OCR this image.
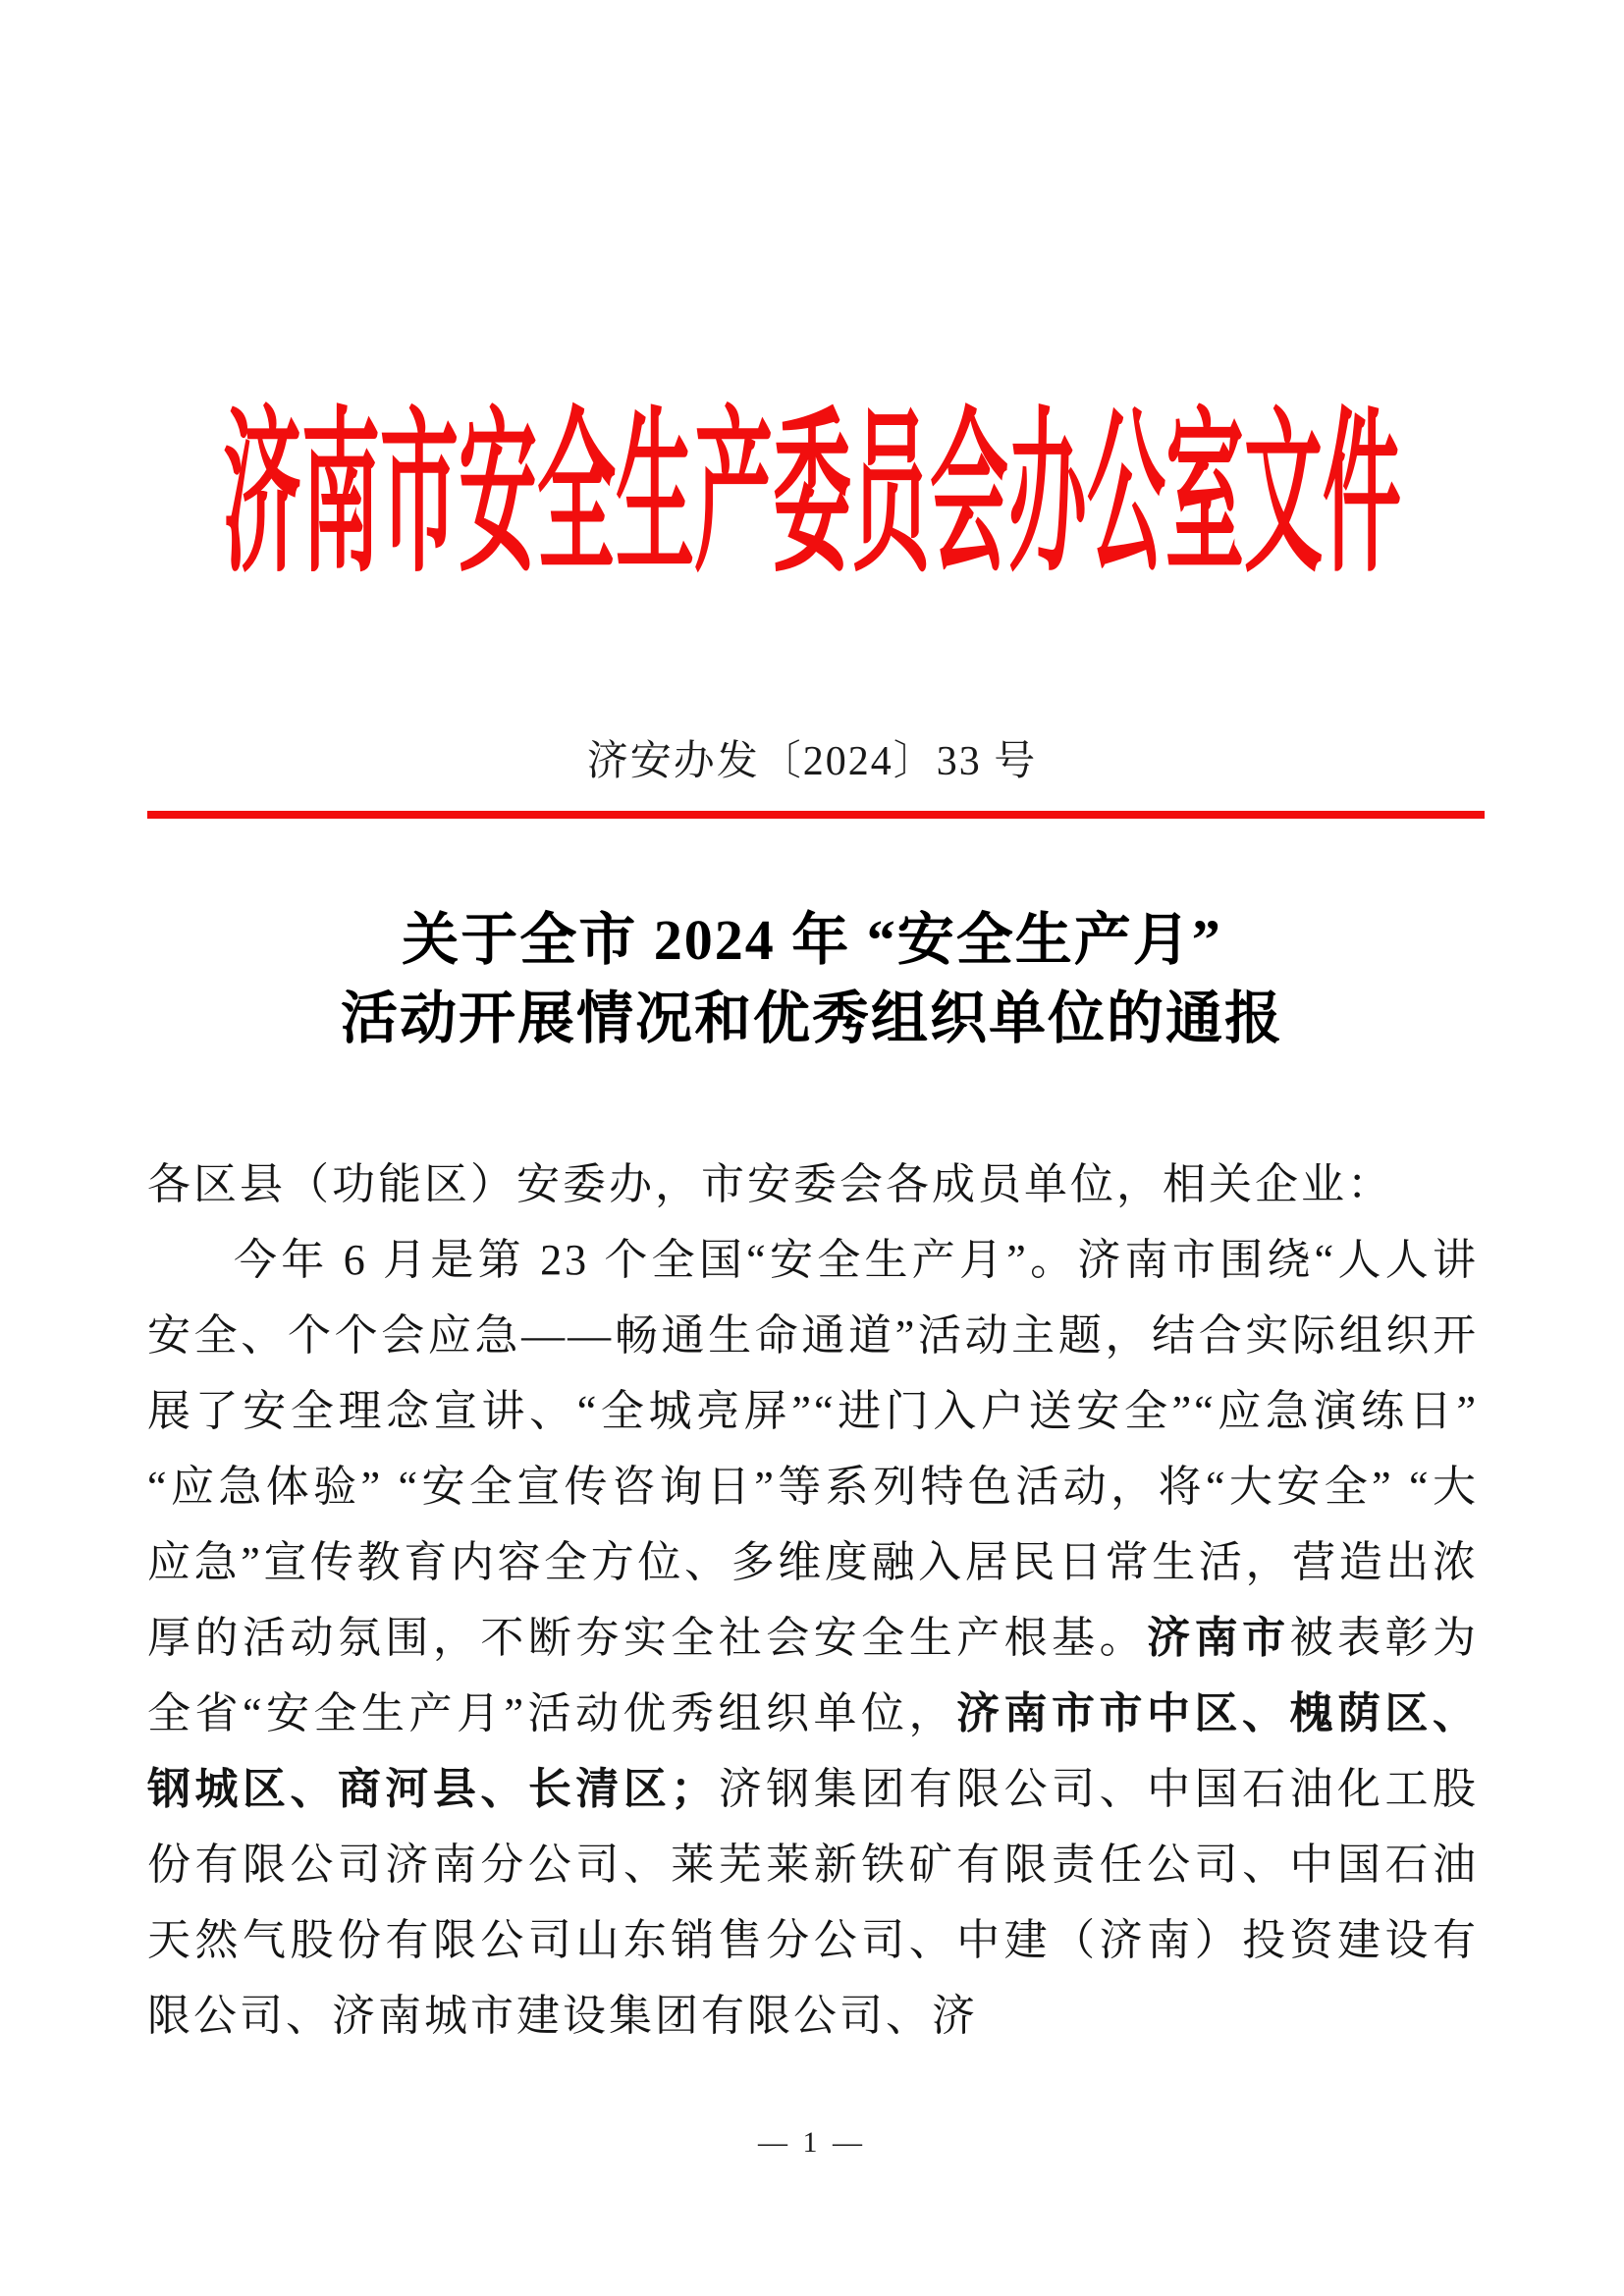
济南市安全生产委员会办公室文件
济安办发〔2024〕33 号
关于全市 2024 年 “安全生产月”
活动开展情况和优秀组织单位的通报

各区县（功能区）安委办，市安委会各成员单位，相关企业：

今年 6 月是第 23 个全国“安全生产月”。济南市围绕“人人讲安全、个个会应急——畅通生命通道”活动主题，结合实际组织开展了安全理念宣讲、“全城亮屏”“进门入户送安全”“应急演练日” “应急体验” “安全宣传咨询日”等系列特色活动，将“大安全” “大应急”宣传教育内容全方位、多维度融入居民日常生活，营造出浓厚的活动氛围，不断夯实全社会安全生产根基。济南市被表彰为全省“安全生产月”活动优秀组织单位，济南市市中区、槐荫区、钢城区、商河县、长清区；济钢集团有限公司、中国石油化工股份有限公司济南分公司、莱芜莱新铁矿有限责任公司、中国石油天然气股份有限公司山东销售分公司、中建（济南）投资建设有限公司、济南城市建设集团有限公司、济

— 1 —
